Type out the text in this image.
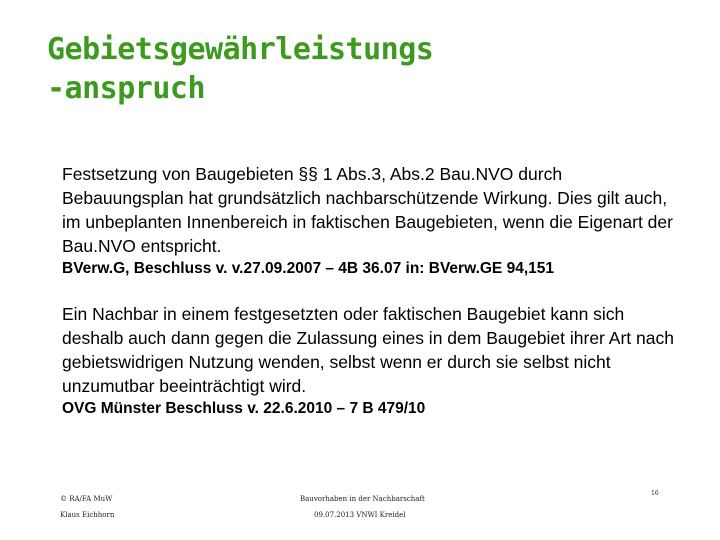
Gebietsgewährleistungs
-anspruch

Festsetzung von Baugebieten §§ 1 Abs.3, Abs.2 Bau.NVO durch Bebauungsplan hat grundsätzlich nachbarschützende Wirkung. Dies gilt auch, im unbeplanten Innenbereich in faktischen Baugebieten, wenn die Eigenart der Bau.NVO entspricht.

BVerw.G, Beschluss v. v.27.09.2007 – 4B 36.07 in: BVerw.GE 94,151

Ein Nachbar in einem festgesetzten oder faktischen Baugebiet kann sich deshalb auch dann gegen die Zulassung eines in dem Baugebiet ihrer Art nach gebietswidrigen Nutzung wenden, selbst wenn er durch sie selbst nicht unzumutbar beeinträchtigt wird.

OVG Münster Beschluss v. 22.6.2010 – 7 B 479/10

© RA/FA MuW
Klaus Eichhorn
Bauvorhaben in der Nachbarschaft
09.07.2013 VNWI Kreidel
16
